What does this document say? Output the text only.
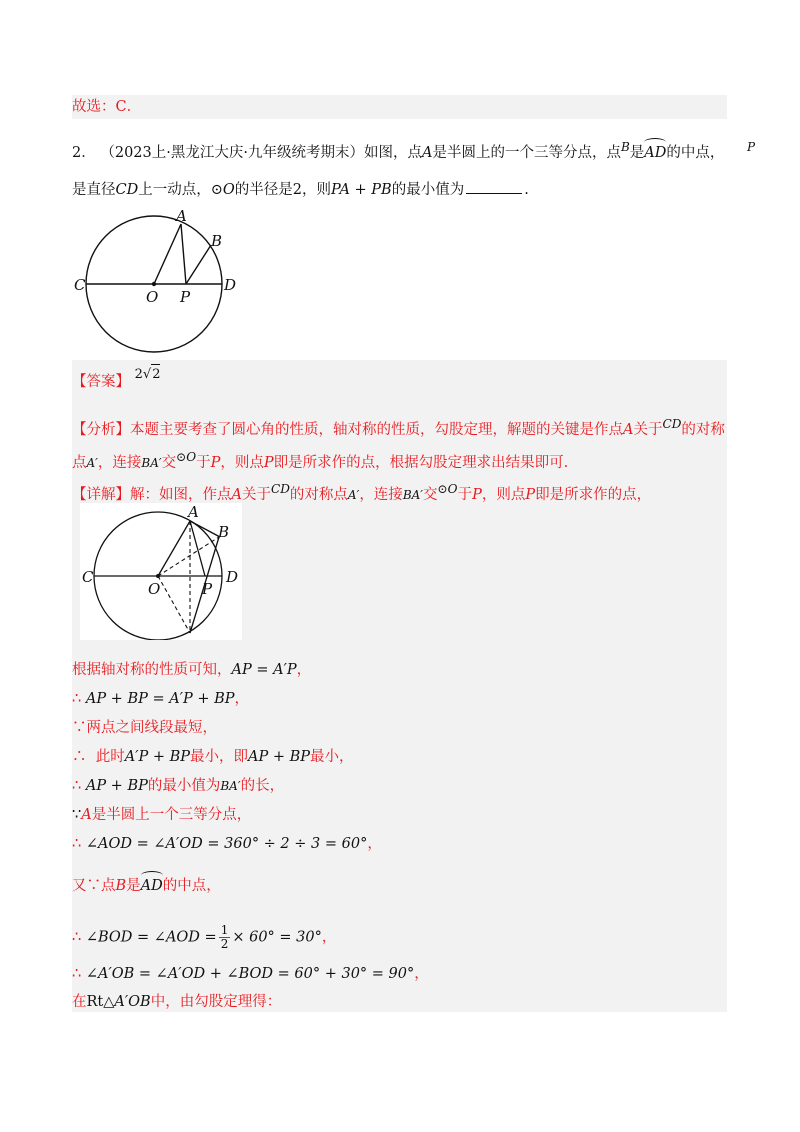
故选：C．
2． （2023上·黑龙江大庆·九年级统考期末）如图，点A是半圆上的一个三等分点，点$^B$是AD的中点， $^P$
是直径CD上一动点，⊙O的半径是2，则PA + PB的最小值为	.
C	D
A
B
O P
【答案】 2√2
【分析】本题主要考查了圆心角的性质，轴对称的性质，勾股定理，解题的关键是作点A关于$^{CD}$的对称
点A′，连接BA′交$^{⊙O}$于P，则点P即是所求作的点，根据勾股定理求出结果即可.
【详解】解：如图，作点A关于$^{CD}$的对称点A′，连接BA′交$^{⊙O}$于P，则点P即是所求作的点，
C	D
A
B
O	P
根据轴对称的性质可知，AP = A′P，
∴ AP + BP = A′P + BP，
∵两点之间线段最短，
∴ 此时A′P + BP最小，即AP + BP最小，
∴ AP + BP的最小值为BA′的长，
∵A是半圆上一个三等分点，
∴ ∠AOD = ∠A′OD = 360° ÷ 2 ÷ 3 = 60°，
又∵点B是AD的中点，
∴ ∠BOD = ∠AOD = $\frac{1}{2} \times 60^\circ = 30^\circ$，
∴ ∠A′OB = ∠A′OD + ∠BOD = 60° + 30° = 90°，
在Rt△A′OB中，由勾股定理得：
